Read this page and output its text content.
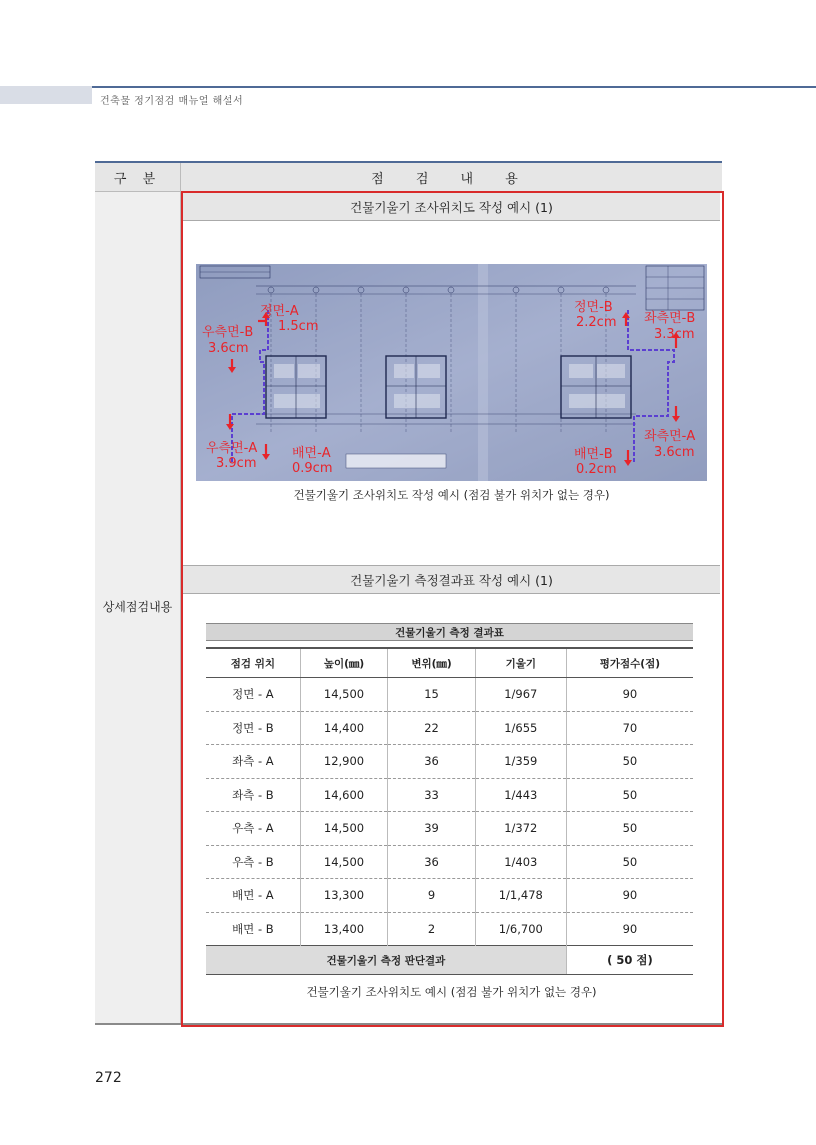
건축물 정기점검 매뉴얼 해설서
구 분	점 검 내 용
상세점검내용
건물기울기 조사위치도 작성 예시 (1)
정면-A
1.5cm
우측면-B
3.6cm
우측면-A
3.9cm
배면-A
0.9cm
정면-B
2.2cm 좌측면-B
3.3cm
좌측면-A
3.6cm
배면-B
0.2cm
건물기울기 조사위치도 작성 예시 (점검 불가 위치가 없는 경우)
건물기울기 측정결과표 작성 예시 (1)
건물기울기 측정 결과표
점검 위치	높이(㎜)	변위(㎜)	기울기	평가점수(점)
정면 - A	14,500	15	1/967	90
정면 - B	14,400	22	1/655	70
좌측 - A	12,900	36	1/359	50
좌측 - B	14,600	33	1/443	50
우측 - A	14,500	39	1/372	50
우측 - B	14,500	36	1/403	50
배면 - A	13,300	9	1/1,478	90
배면 - B	13,400	2	1/6,700	90
건물기울기 측정 판단결과				( 50 점)
건물기울기 조사위치도 예시 (점검 불가 위치가 없는 경우)
272
